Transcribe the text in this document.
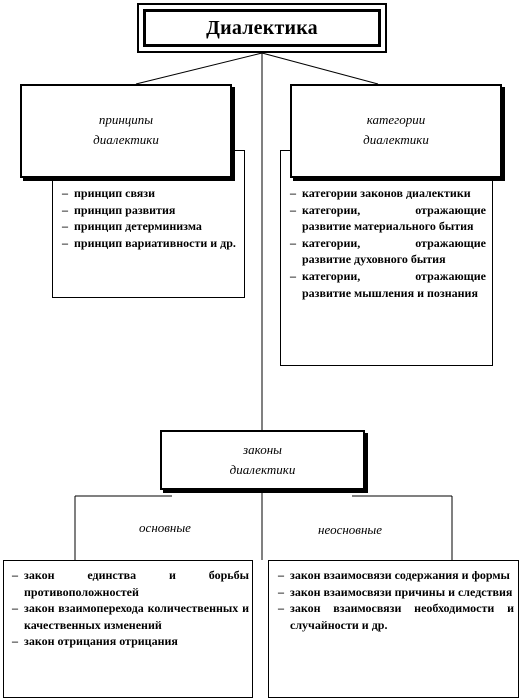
Диалектика
– принцип связи
– принцип развития
– принцип детерминизма
– принцип вариативности и др.
принципы
диалектики
– категории законов диалектики
– категории, отражающие развитие материального бытия
– категории, отражающие развитие духовного бытия
– категории, отражающие развитие мышления и познания
категории
диалектики
законы
диалектики
основные	неосновные
– закон единства и борьбы противоположностей
– закон взаимоперехода количественных и качественных изменений
– закон отрицания отрицания
– закон взаимосвязи содержания и формы
– закон взаимосвязи причины и следствия
– закон взаимосвязи необходимости и случайности и др.
